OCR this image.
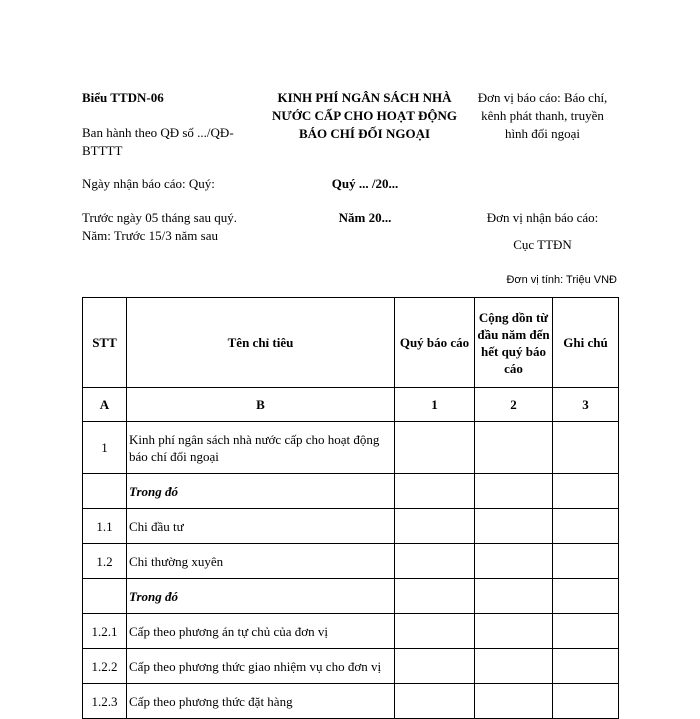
Biểu TTDN-06
Ban hành theo QĐ số .../QĐ-BTTTT
Ngày nhận báo cáo: Quý:
Trước ngày 05 tháng sau quý.
Năm: Trước 15/3 năm sau
KINH PHÍ NGÂN SÁCH NHÀ
NƯỚC CẤP CHO HOẠT ĐỘNG
BÁO CHÍ ĐỐI NGOẠI
Quý ... /20...
Năm 20...
Đơn vị báo cáo: Báo chí,
kênh phát thanh, truyền
hình đối ngoại
Đơn vị nhận báo cáo:
Cục TTĐN
Đơn vị tính: Triệu VNĐ
STT	Tên chỉ tiêu	Quý báo cáo	Cộng dồn từ đầu năm đến hết quý báo cáo	Ghi chú
A	B	1	2	3
1	Kinh phí ngân sách nhà nước cấp cho hoạt động báo chí đối ngoại			
	Trong đó			
1.1	Chi đầu tư			
1.2	Chi thường xuyên			
	Trong đó			
1.2.1	Cấp theo phương án tự chủ của đơn vị			
1.2.2	Cấp theo phương thức giao nhiệm vụ cho đơn vị			
1.2.3	Cấp theo phương thức đặt hàng			
